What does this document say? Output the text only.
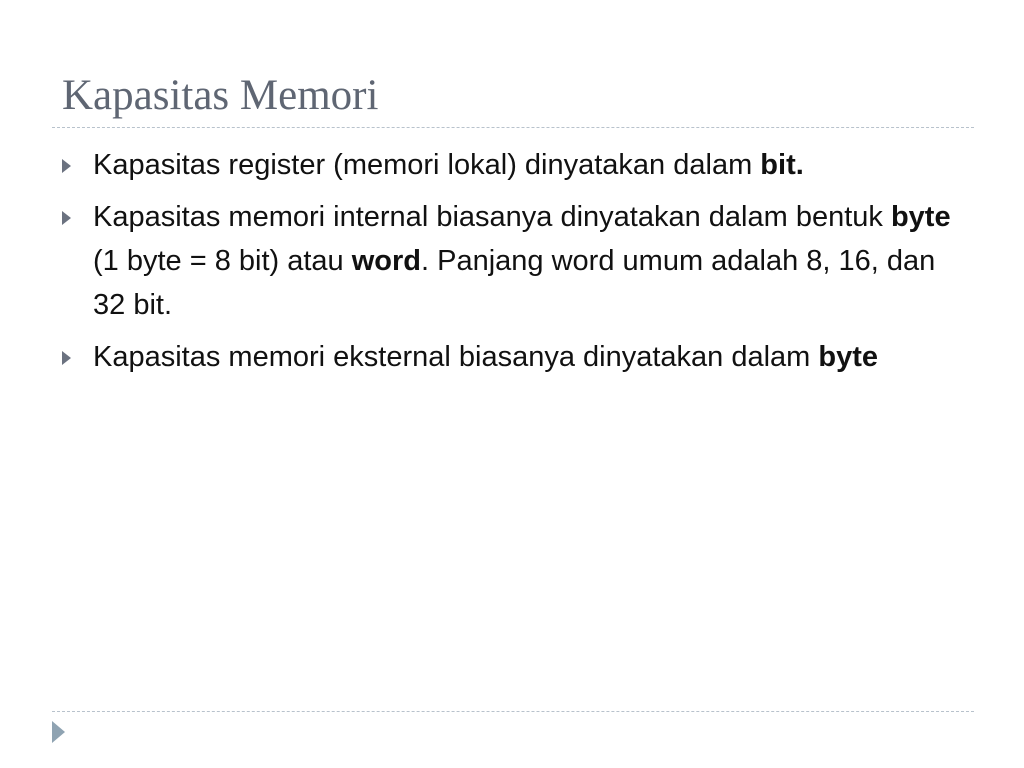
Kapasitas Memori
Kapasitas register (memori lokal) dinyatakan dalam bit.
Kapasitas memori internal biasanya dinyatakan dalam bentuk byte (1 byte = 8 bit) atau word. Panjang word umum adalah 8, 16, dan 32 bit.
Kapasitas memori eksternal biasanya dinyatakan dalam byte
